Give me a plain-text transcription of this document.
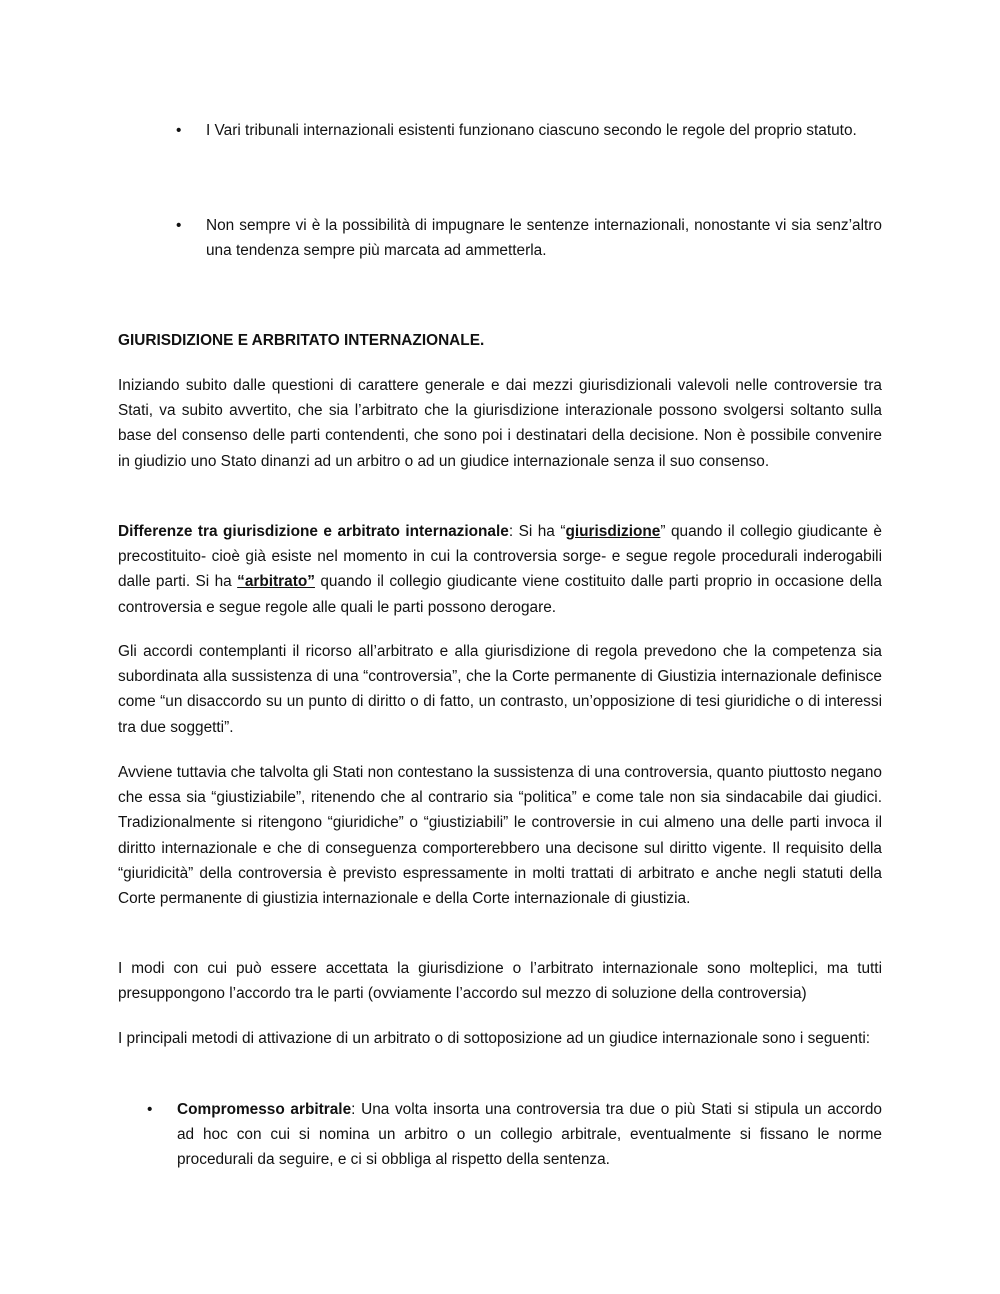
• I Vari tribunali internazionali esistenti funzionano ciascuno secondo le regole del proprio statuto.

• Non sempre vi è la possibilità di impugnare le sentenze internazionali, nonostante vi sia senz’altro una tendenza sempre più marcata ad ammetterla.

GIURISDIZIONE E ARBRITATO INTERNAZIONALE.

Iniziando subito dalle questioni di carattere generale e dai mezzi giurisdizionali valevoli nelle controversie tra Stati, va subito avvertito, che sia l’arbitrato che la giurisdizione interazionale possono svolgersi soltanto sulla base del consenso delle parti contendenti, che sono poi i destinatari della decisione. Non è possibile convenire in giudizio uno Stato dinanzi ad un arbitro o ad un giudice internazionale senza il suo consenso.

Differenze tra giurisdizione e arbitrato internazionale: Si ha “giurisdizione” quando il collegio giudicante è precostituito- cioè già esiste nel momento in cui la controversia sorge- e segue regole procedurali inderogabili dalle parti. Si ha “arbitrato” quando il collegio giudicante viene costituito dalle parti proprio in occasione della controversia e segue regole alle quali le parti possono derogare.

Gli accordi contemplanti il ricorso all’arbitrato e alla giurisdizione di regola prevedono che la competenza sia subordinata alla sussistenza di una “controversia”, che la Corte permanente di Giustizia internazionale definisce come “un disaccordo su un punto di diritto o di fatto, un contrasto, un’opposizione di tesi giuridiche o di interessi tra due soggetti”.

Avviene tuttavia che talvolta gli Stati non contestano la sussistenza di una controversia, quanto piuttosto negano che essa sia “giustiziabile”, ritenendo che al contrario sia “politica” e come tale non sia sindacabile dai giudici. Tradizionalmente si ritengono “giuridiche” o “giustiziabili” le controversie in cui almeno una delle parti invoca il diritto internazionale e che di conseguenza comporterebbero una decisone sul diritto vigente. Il requisito della “giuridicità” della controversia è previsto espressamente in molti trattati di arbitrato e anche negli statuti della Corte permanente di giustizia internazionale e della Corte internazionale di giustizia.

I modi con cui può essere accettata la giurisdizione o l’arbitrato internazionale sono molteplici, ma tutti presuppongono l’accordo tra le parti (ovviamente l’accordo sul mezzo di soluzione della controversia)

I principali metodi di attivazione di un arbitrato o di sottoposizione ad un giudice internazionale sono i seguenti:

• Compromesso arbitrale: Una volta insorta una controversia tra due o più Stati si stipula un accordo ad hoc con cui si nomina un arbitro o un collegio arbitrale, eventualmente si fissano le norme procedurali da seguire, e ci si obbliga al rispetto della sentenza.
